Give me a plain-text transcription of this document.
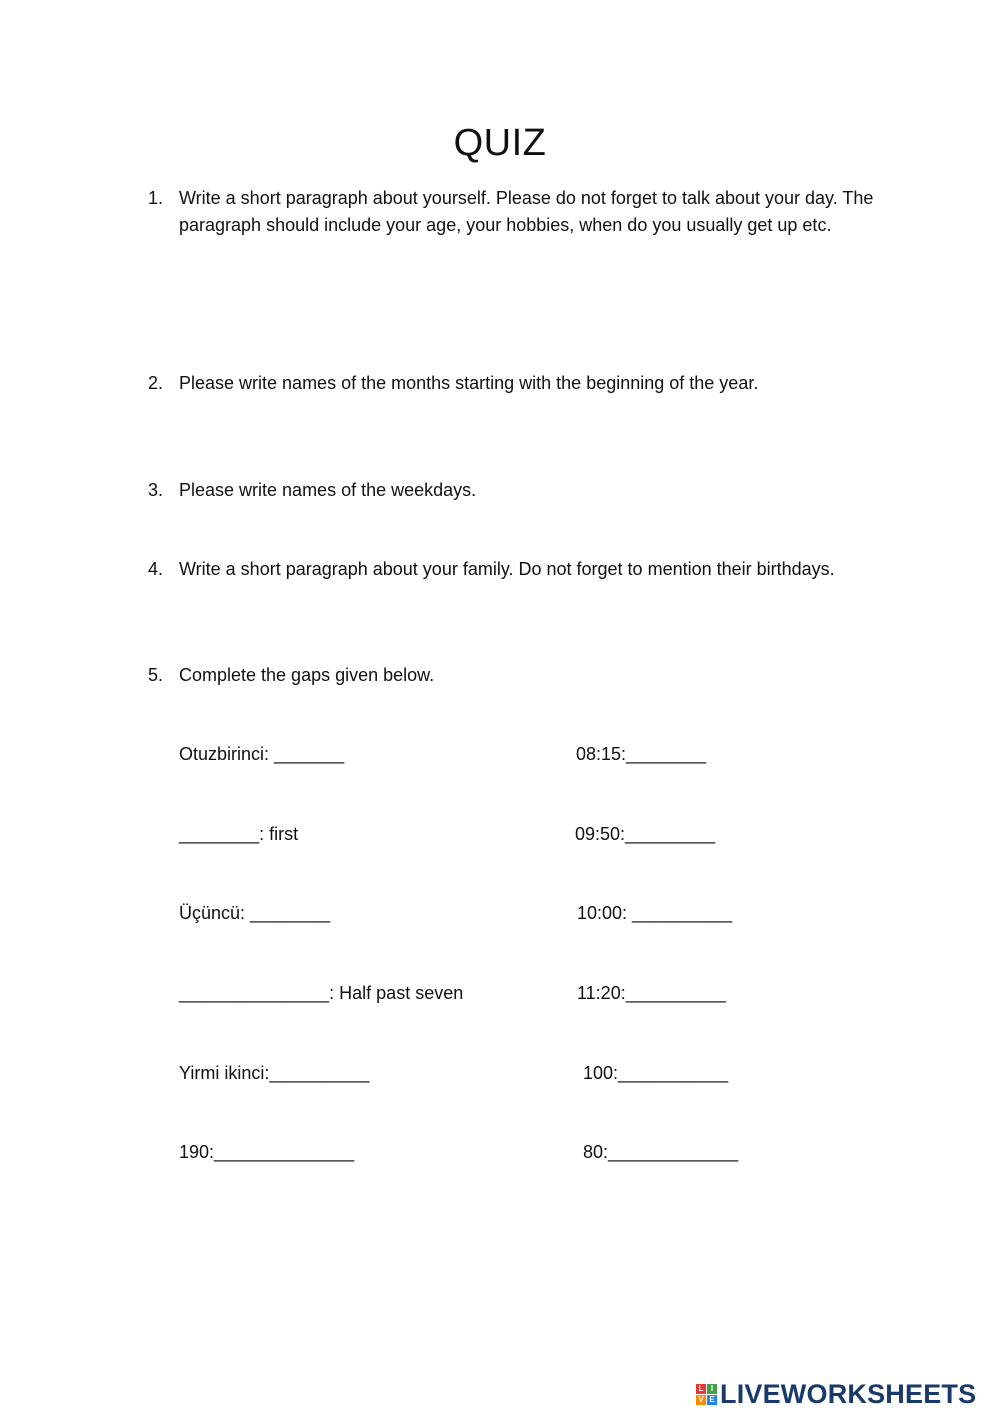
QUIZ
1. Write a short paragraph about yourself. Please do not forget to talk about your day. The paragraph should include your age, your hobbies, when do you usually get up etc.
2. Please write names of the months starting with the beginning of the year.
3. Please write names of the weekdays.
4. Write a short paragraph about your family. Do not forget to mention their birthdays.
5. Complete the gaps given below.
Otuzbirinci: _______
________: first
Üçüncü: ________
_______________: Half past seven
Yirmi ikinci:__________
190:______________
08:15:________
09:50:_________
10:00: __________
11:20:__________
100:___________
80:_____________
L I
V E LIVEWORKSHEETS
